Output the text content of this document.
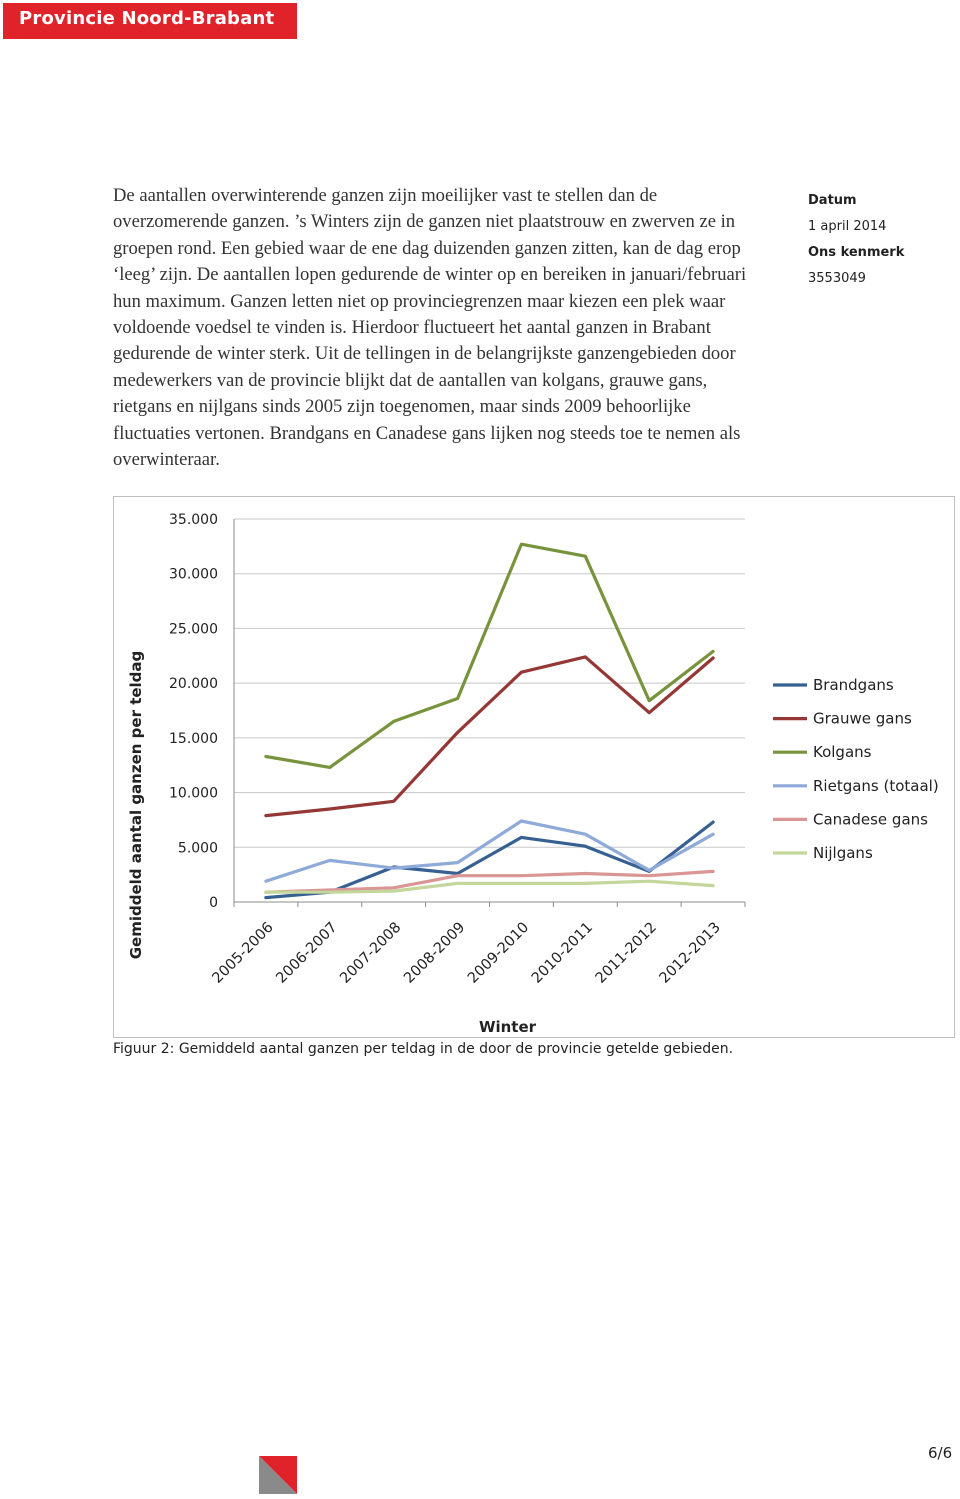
Provincie Noord-Brabant

De aantallen overwinterende ganzen zijn moeilijker vast te stellen dan de overzomerende ganzen. ’s Winters zijn de ganzen niet plaatstrouw en zwerven ze in groepen rond. Een gebied waar de ene dag duizenden ganzen zitten, kan de dag erop ‘leeg’ zijn. De aantallen lopen gedurende de winter op en bereiken in januari/februari hun maximum. Ganzen letten niet op provinciegrenzen maar kiezen een plek waar voldoende voedsel te vinden is. Hierdoor fluctueert het aantal ganzen in Brabant gedurende de winter sterk. Uit de tellingen in de belangrijkste ganzengebieden door medewerkers van de provincie blijkt dat de aantallen van kolgans, grauwe gans, rietgans en nijlgans sinds 2005 zijn toegenomen, maar sinds 2009 behoorlijke fluctuaties vertonen. Brandgans en Canadese gans lijken nog steeds toe te nemen als overwinteraar.

Datum
1 april 2014
Ons kenmerk
3553049
0
5.000
10.000
15.000
20.000
25.000
30.000
35.000
2005-2006
2006-2007
2007-2008
2008-2009
2009-2010
2010-2011
2011-2012
2012-2013
Winter
Gemiddeld aantal ganzen per teldag	Brandgans
Grauwe gans
Kolgans
Rietgans (totaal)
Canadese gans
Nijlgans
Figuur 2: Gemiddeld aantal ganzen per teldag in de door de provincie getelde gebieden.
6/6
